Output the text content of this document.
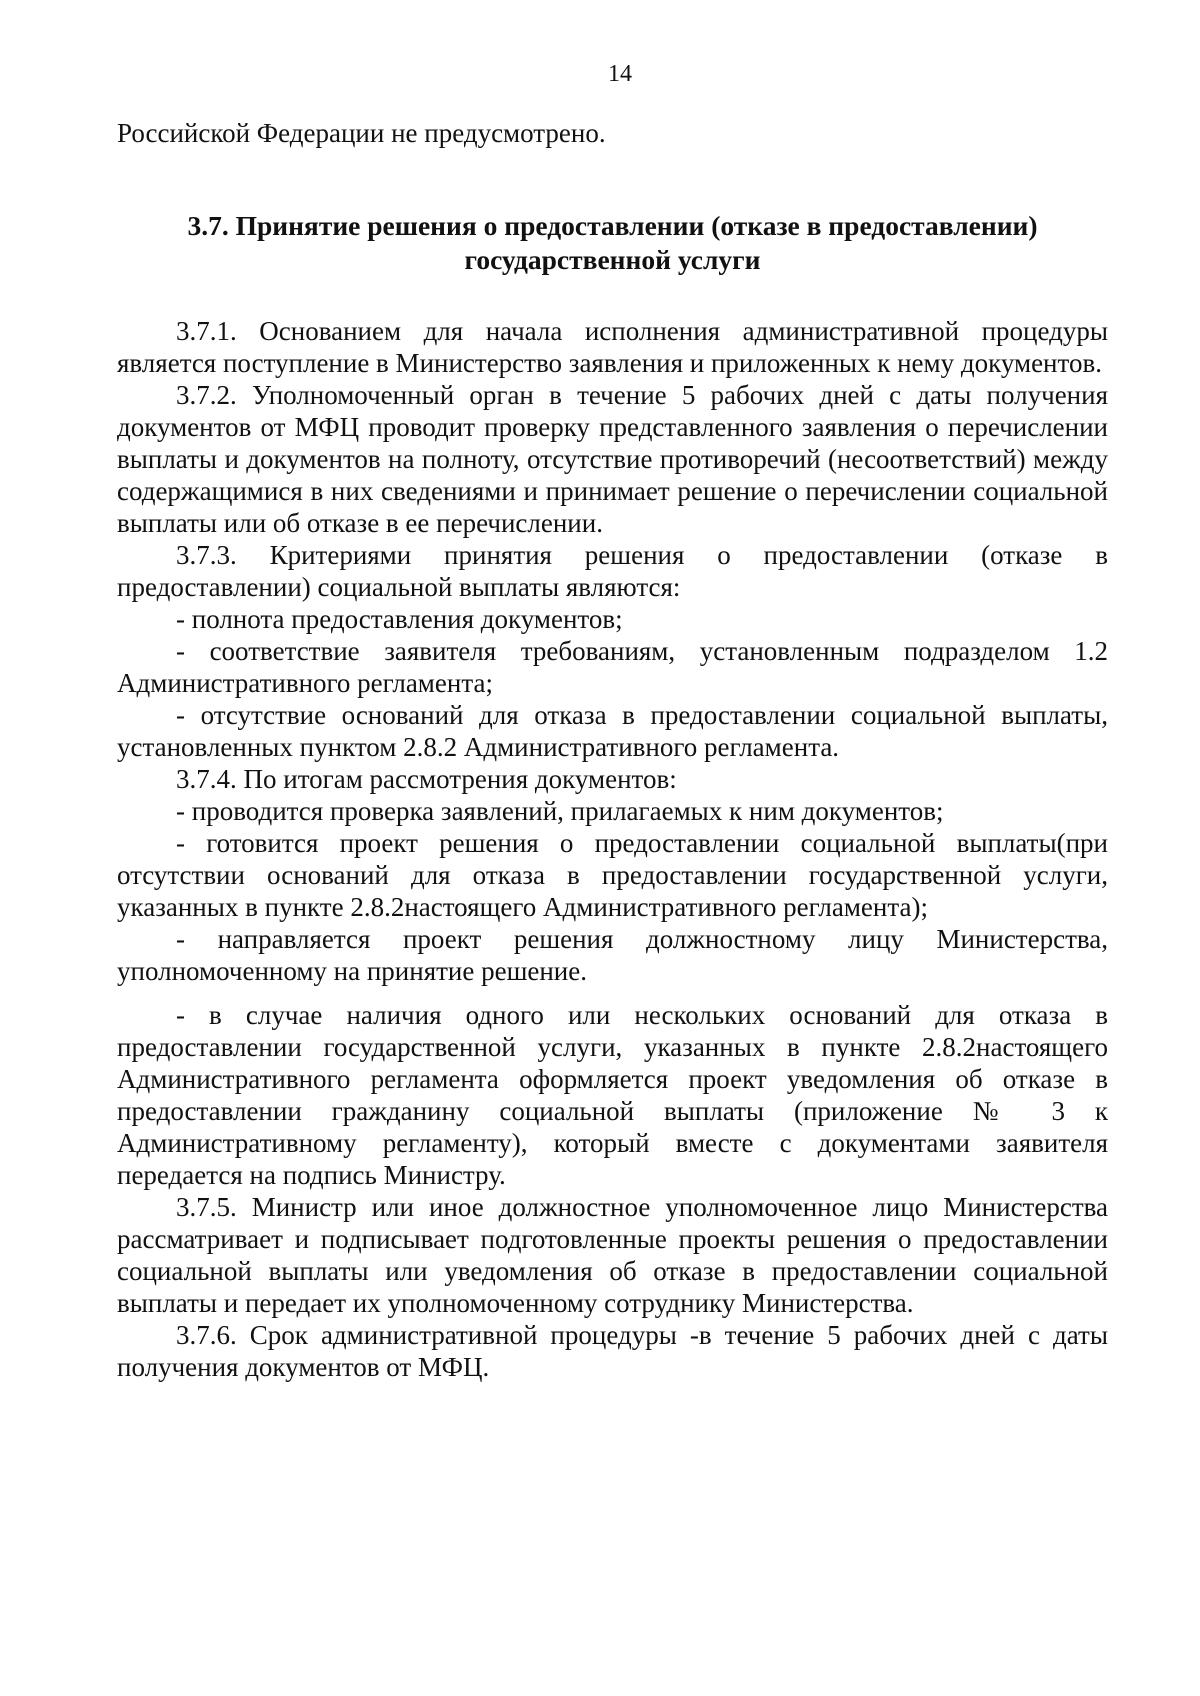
14

Российской Федерации не предусмотрено.

3.7. Принятие решения о предоставлении (отказе в предоставлении)
государственной услуги

3.7.1. Основанием для начала исполнения административной процедуры является поступление в Министерство заявления и приложенных к нему документов.

3.7.2. Уполномоченный орган в течение 5 рабочих дней с даты получения документов от МФЦ проводит проверку представленного заявления о перечислении выплаты и документов на полноту, отсутствие противоречий (несоответствий) между содержащимися в них сведениями и принимает решение о перечислении социальной выплаты или об отказе в ее перечислении.

3.7.3. Критериями принятия решения о предоставлении (отказе в предоставлении) социальной выплаты являются:

- полнота предоставления документов;

- соответствие заявителя требованиям, установленным подразделом 1.2 Административного регламента;

- отсутствие оснований для отказа в предоставлении социальной выплаты, установленных пунктом 2.8.2 Административного регламента.

3.7.4. По итогам рассмотрения документов:

- проводится проверка заявлений, прилагаемых к ним документов;

- готовится проект решения о предоставлении социальной выплаты(при отсутствии оснований для отказа в предоставлении государственной услуги, указанных в пункте 2.8.2настоящего Административного регламента);

- направляется проект решения должностному лицу Министерства, уполномоченному на принятие решение.

- в случае наличия одного или нескольких оснований для отказа в предоставлении государственной услуги, указанных в пункте 2.8.2настоящего Административного регламента оформляется проект уведомления об отказе в предоставлении гражданину социальной выплаты (приложение № 3 к Административному регламенту), который вместе с документами заявителя передается на подпись Министру.

3.7.5. Министр или иное должностное уполномоченное лицо Министерства рассматривает и подписывает подготовленные проекты решения о предоставлении социальной выплаты или уведомления об отказе в предоставлении социальной выплаты и передает их уполномоченному сотруднику Министерства.

3.7.6. Срок административной процедуры -в течение 5 рабочих дней с даты получения документов от МФЦ.
